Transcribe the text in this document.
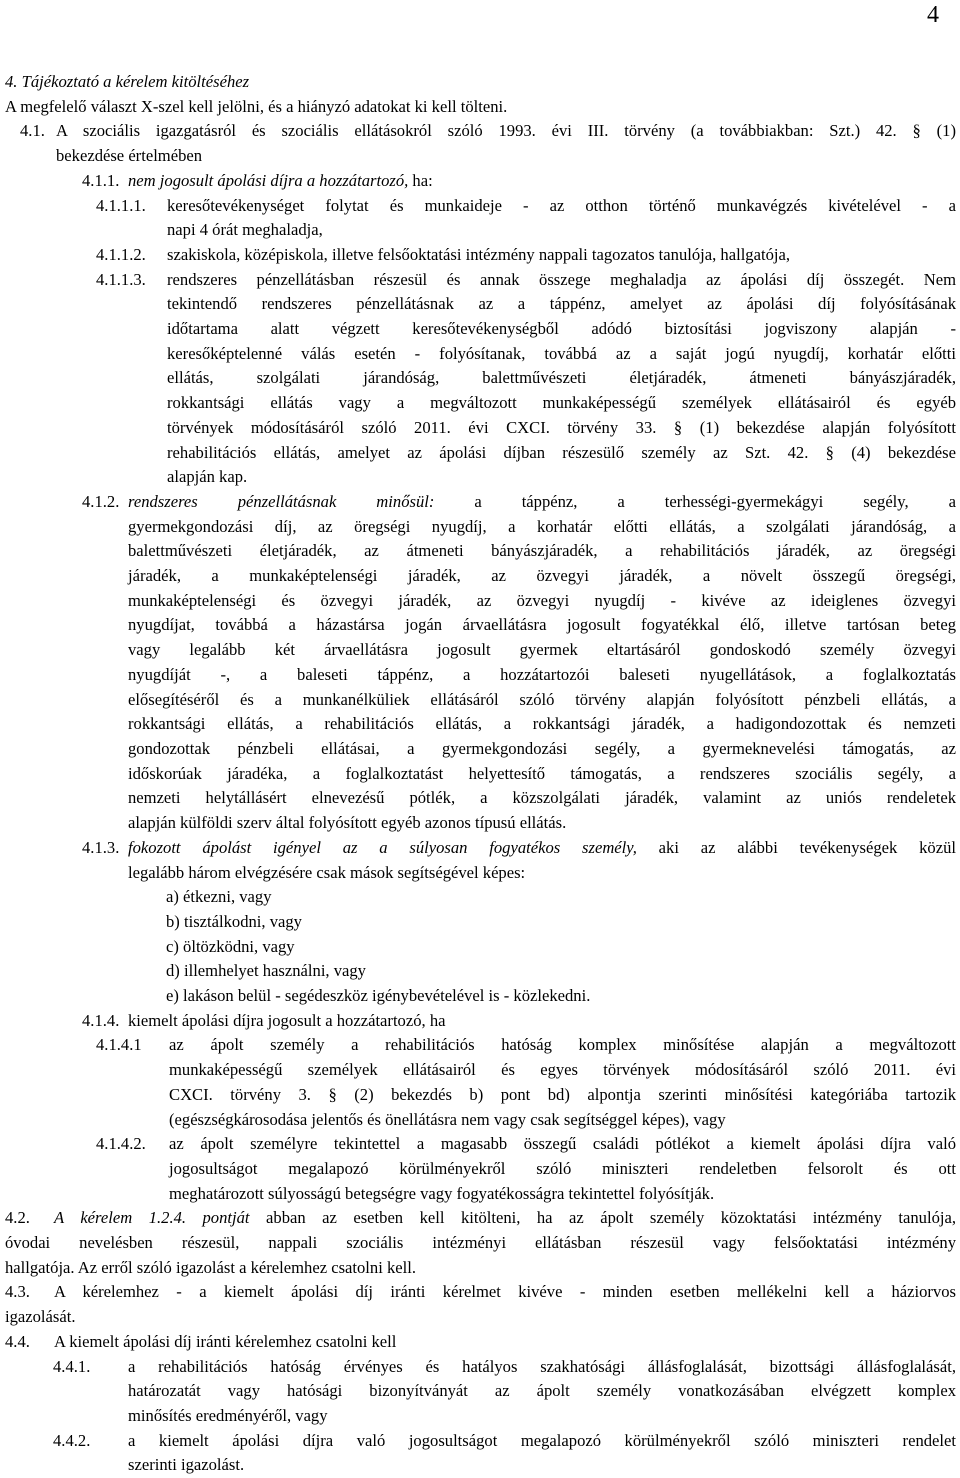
4
4. Tájékoztató a kérelem kitöltéséhez
A megfelelő választ X-szel kell jelölni, és a hiányzó adatokat ki kell tölteni.
4.1. A szociális igazgatásról és szociális ellátásokról szóló 1993. évi III. törvény (a továbbiakban: Szt.) 42. § (1)
bekezdése értelmében
4.1.1. nem jogosult ápolási díjra a hozzátartozó, ha:
4.1.1.1.	keresőtevékenységet folytat és munkaideje - az otthon történő munkavégzés kivételével - a
napi 4 órát meghaladja,
4.1.1.2.	szakiskola, középiskola, illetve felsőoktatási intézmény nappali tagozatos tanulója, hallgatója,
4.1.1.3.	rendszeres pénzellátásban részesül és annak összege meghaladja az ápolási díj összegét. Nem
tekintendő rendszeres pénzellátásnak az a táppénz, amelyet az ápolási díj folyósításának
időtartama alatt végzett keresőtevékenységből adódó biztosítási jogviszony alapján -
keresőképtelenné válás esetén - folyósítanak, továbbá az a saját jogú nyugdíj, korhatár előtti
ellátás, szolgálati járandóság, balettművészeti életjáradék, átmeneti bányászjáradék,
rokkantsági ellátás vagy a megváltozott munkaképességű személyek ellátásairól és egyéb
törvények módosításáról szóló 2011. évi CXCI. törvény 33. § (1) bekezdése alapján folyósított
rehabilitációs ellátás, amelyet az ápolási díjban részesülő személy az Szt. 42. § (4) bekezdése
alapján kap.
4.1.2. rendszeres pénzellátásnak minősül: a táppénz, a terhességi-gyermekágyi segély, a
gyermekgondozási díj, az öregségi nyugdíj, a korhatár előtti ellátás, a szolgálati járandóság, a
balettművészeti életjáradék, az átmeneti bányászjáradék, a rehabilitációs járadék, az öregségi
járadék, a munkaképtelenségi járadék, az özvegyi járadék, a növelt összegű öregségi,
munkaképtelenségi és özvegyi járadék, az özvegyi nyugdíj - kivéve az ideiglenes özvegyi
nyugdíjat, továbbá a házastársa jogán árvaellátásra jogosult fogyatékkal élő, illetve tartósan beteg
vagy legalább két árvaellátásra jogosult gyermek eltartásáról gondoskodó személy özvegyi
nyugdíját -, a baleseti táppénz, a hozzátartozói baleseti nyugellátások, a foglalkoztatás
elősegítéséről és a munkanélküliek ellátásáról szóló törvény alapján folyósított pénzbeli ellátás, a
rokkantsági ellátás, a rehabilitációs ellátás, a rokkantsági járadék, a hadigondozottak és nemzeti
gondozottak pénzbeli ellátásai, a gyermekgondozási segély, a gyermeknevelési támogatás, az
időskorúak járadéka, a foglalkoztatást helyettesítő támogatás, a rendszeres szociális segély, a
nemzeti helytállásért elnevezésű pótlék, a közszolgálati járadék, valamint az uniós rendeletek
alapján külföldi szerv által folyósított egyéb azonos típusú ellátás.
4.1.3. fokozott ápolást igényel az a súlyosan fogyatékos személy, aki az alábbi tevékenységek közül
legalább három elvégzésére csak mások segítségével képes:
a) étkezni, vagy
b) tisztálkodni, vagy
c) öltözködni, vagy
d) illemhelyet használni, vagy
e) lakáson belül - segédeszköz igénybevételével is - közlekedni.
4.1.4. kiemelt ápolási díjra jogosult a hozzátartozó, ha
4.1.4.1	az ápolt személy a rehabilitációs hatóság komplex minősítése alapján a megváltozott
munkaképességű személyek ellátásairól és egyes törvények módosításáról szóló 2011. évi
CXCI. törvény 3. § (2) bekezdés b) pont bd) alpontja szerinti minősítési kategóriába tartozik
(egészségkárosodása jelentős és önellátásra nem vagy csak segítséggel képes), vagy
4.1.4.2.	az ápolt személyre tekintettel a magasabb összegű családi pótlékot a kiemelt ápolási díjra való
jogosultságot megalapozó körülményekről szóló miniszteri rendeletben felsorolt és ott
meghatározott súlyosságú betegségre vagy fogyatékosságra tekintettel folyósítják.
4.2. A kérelem 1.2.4. pontját abban az esetben kell kitölteni, ha az ápolt személy közoktatási intézmény tanulója,
óvodai nevelésben részesül, nappali szociális intézményi ellátásban részesül vagy felsőoktatási intézmény
hallgatója. Az erről szóló igazolást a kérelemhez csatolni kell.
4.3. A kérelemhez - a kiemelt ápolási díj iránti kérelmet kivéve - minden esetben mellékelni kell a háziorvos
igazolását.
4.4. A kiemelt ápolási díj iránti kérelemhez csatolni kell
4.4.1.	a rehabilitációs hatóság érvényes és hatályos szakhatósági állásfoglalását, bizottsági állásfoglalását,
határozatát vagy hatósági bizonyítványát az ápolt személy vonatkozásában elvégzett komplex
minősítés eredményéről, vagy
4.4.2.	a kiemelt ápolási díjra való jogosultságot megalapozó körülményekről szóló miniszteri rendelet
szerinti igazolást.
